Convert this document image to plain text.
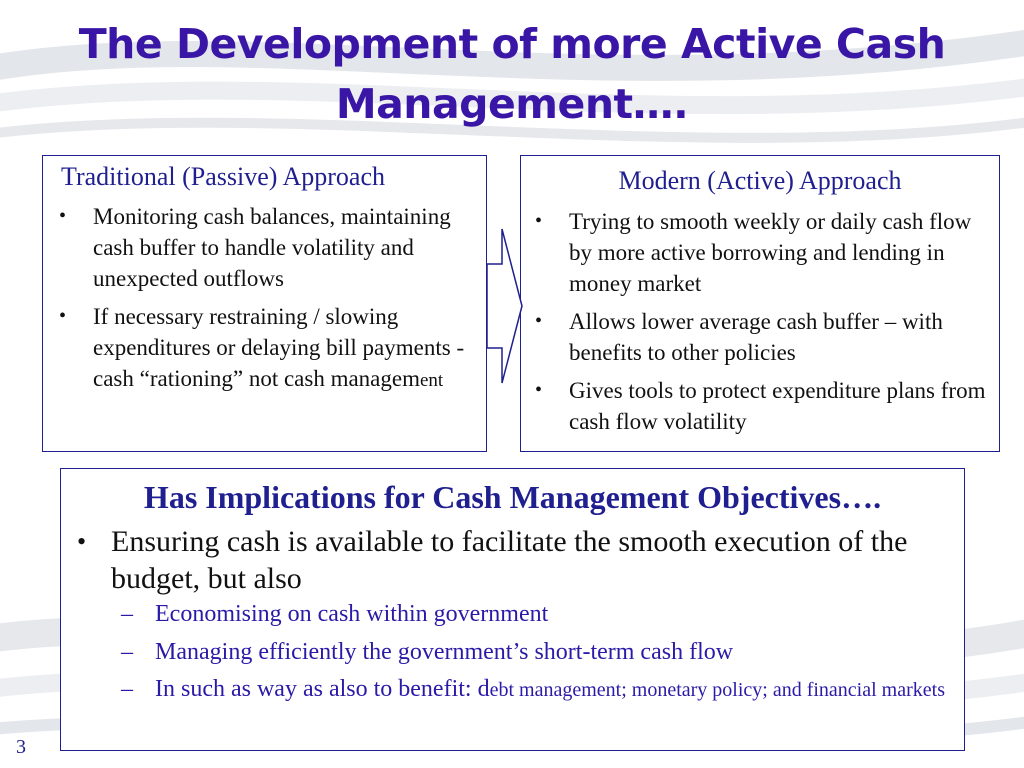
The Development of more Active Cash
Management….
Traditional (Passive) Approach
• Monitoring cash balances, maintaining cash buffer to handle volatility and unexpected outflows
• If necessary restraining / slowing expenditures or delaying bill payments - cash “rationing” not cash management
Modern (Active) Approach
• Trying to smooth weekly or daily cash flow by more active borrowing and lending in money market
• Allows lower average cash buffer – with benefits to other policies
• Gives tools to protect expenditure plans from cash flow volatility
Has Implications for Cash Management Objectives….
• Ensuring cash is available to facilitate the smooth execution of the budget, but also
– Economising on cash within government
– Managing efficiently the government’s short-term cash flow
– In such as way as also to benefit: debt management; monetary policy; and financial markets
3
